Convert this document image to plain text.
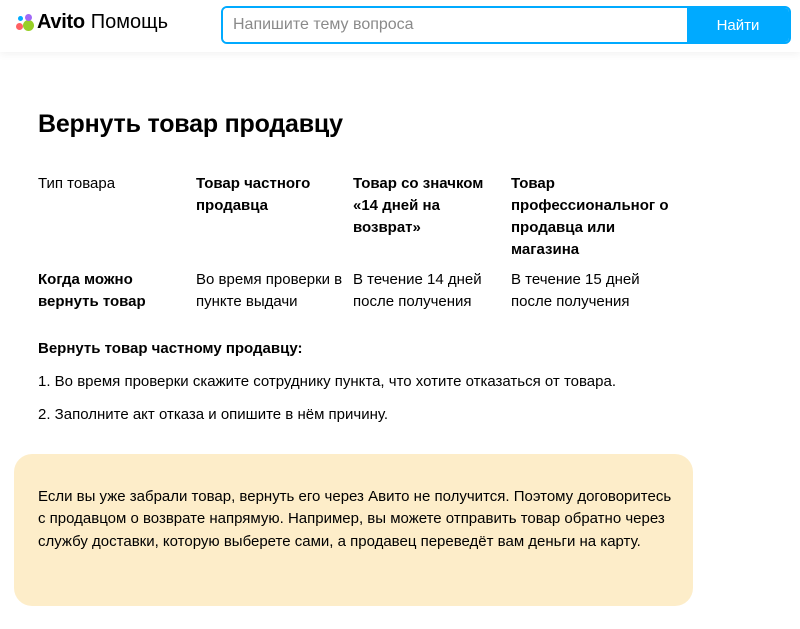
Avito Помощь
Напишите тему вопроса	Найти
Вернуть товар продавцу
Тип товара	Товар частного продавца
Товар со значком «14 дней на возврат»
Товар профессиональног о продавца или магазина
Когда можно вернуть товар
Во время проверки в пункте выдачи
В течение 14 дней после получения
В течение 15 дней после получения
Вернуть товар частному продавцу:
1. Во время проверки скажите сотруднику пункта, что хотите отказаться от товара.
2. Заполните акт отказа и опишите в нём причину.
Если вы уже забрали товар, вернуть его через Авито не получится. Поэтому договоритесь с продавцом о возврате напрямую. Например, вы можете отправить товар обратно через службу доставки, которую выберете сами, а продавец переведёт вам деньги на карту.
